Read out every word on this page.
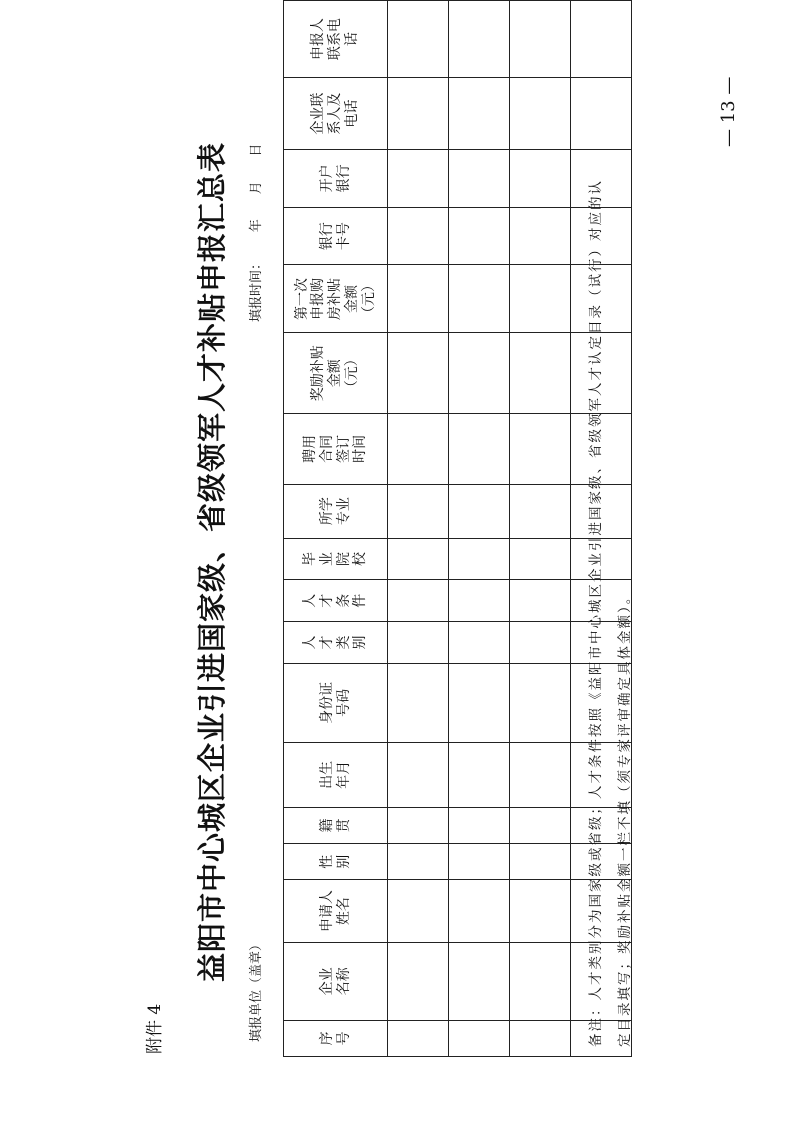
附件 4
益阳市中心城区企业引进国家级、省级领军人才补贴申报汇总表
填报单位（盖章）
填报时间：      年      月      日
序号	企业名称	申请人姓名	性别	籍贯	出生年月	身份证号码	人才类别	人才条件	毕业院校	所学专业	聘用合同签订时间	奖励补贴金额（元）	第一次申报购房补贴金额（元）	银行卡号	开户银行	企业联系人及电话	申报人联系电话

备注：人才类别分为国家级或省级；人才条件按照《益阳市中心城区企业引进国家级、省级领军人才认定目录（试行）对应的认 定目录填写；奖励补贴金额一栏不填（须专家评审确定具体金额）。
— 13 —
